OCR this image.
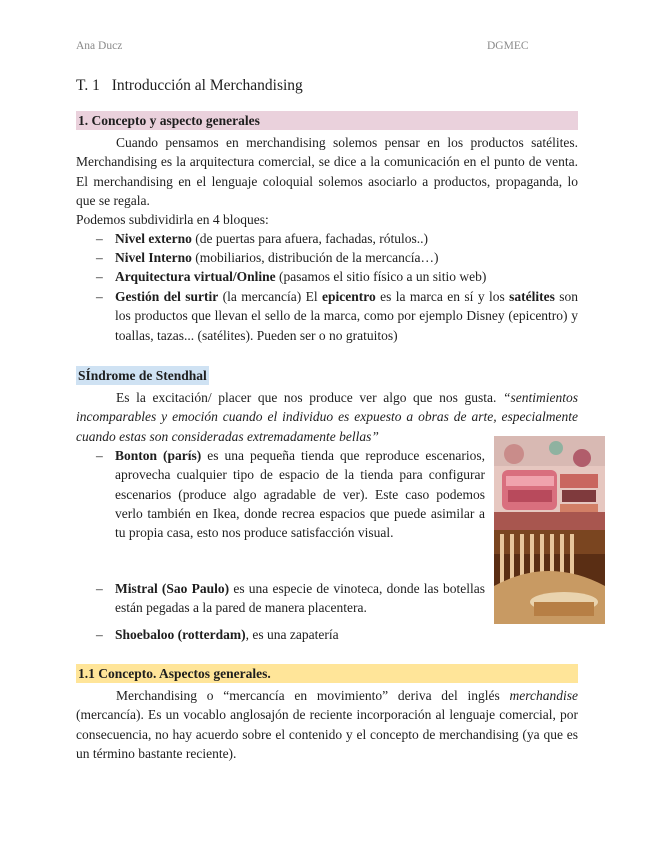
Ana Ducz	DGMEC
T. 1 Introducción al Merchandising
1. Concepto y aspecto generales
Cuando pensamos en merchandising solemos pensar en los productos satélites. Merchandising es la arquitectura comercial, se dice a la comunicación en el punto de venta. El merchandising en el lenguaje coloquial solemos asociarlo a productos, propaganda, lo que se regala.
Podemos subdividirla en 4 bloques:
– Nivel externo (de puertas para afuera, fachadas, rótulos..)
– Nivel Interno (mobiliarios, distribución de la mercancía…)
– Arquitectura virtual/Online (pasamos el sitio físico a un sitio web)
– Gestión del surtir (la mercancía) El epicentro es la marca en sí y los satélites son los productos que llevan el sello de la marca, como por ejemplo Disney (epicentro) y toallas, tazas... (satélites). Pueden ser o no gratuitos)
SÍndrome de Stendhal
Es la excitación/ placer que nos produce ver algo que nos gusta. “sentimientos incomparables y emoción cuando el individuo es expuesto a obras de arte, especialmente cuando estas son consideradas extremadamente bellas”
– Bonton (parís) es una pequeña tienda que reproduce escenarios, aprovecha cualquier tipo de espacio de la tienda para configurar escenarios (produce algo agradable de ver). Este caso podemos verlo también en Ikea, donde recrea espacios que puede asimilar a tu propia casa, esto nos produce satisfacción visual.
– Mistral (Sao Paulo) es una especie de vinoteca, donde las botellas están pegadas a la pared de manera placentera.
– Shoebaloo (rotterdam), es una zapatería
1.1 Concepto. Aspectos generales.
Merchandising o “mercancía en movimiento” deriva del inglés merchandise (mercancía). Es un vocablo anglosajón de reciente incorporación al lenguaje comercial, por consecuencia, no hay acuerdo sobre el contenido y el concepto de merchandising (ya que es un término bastante reciente).
